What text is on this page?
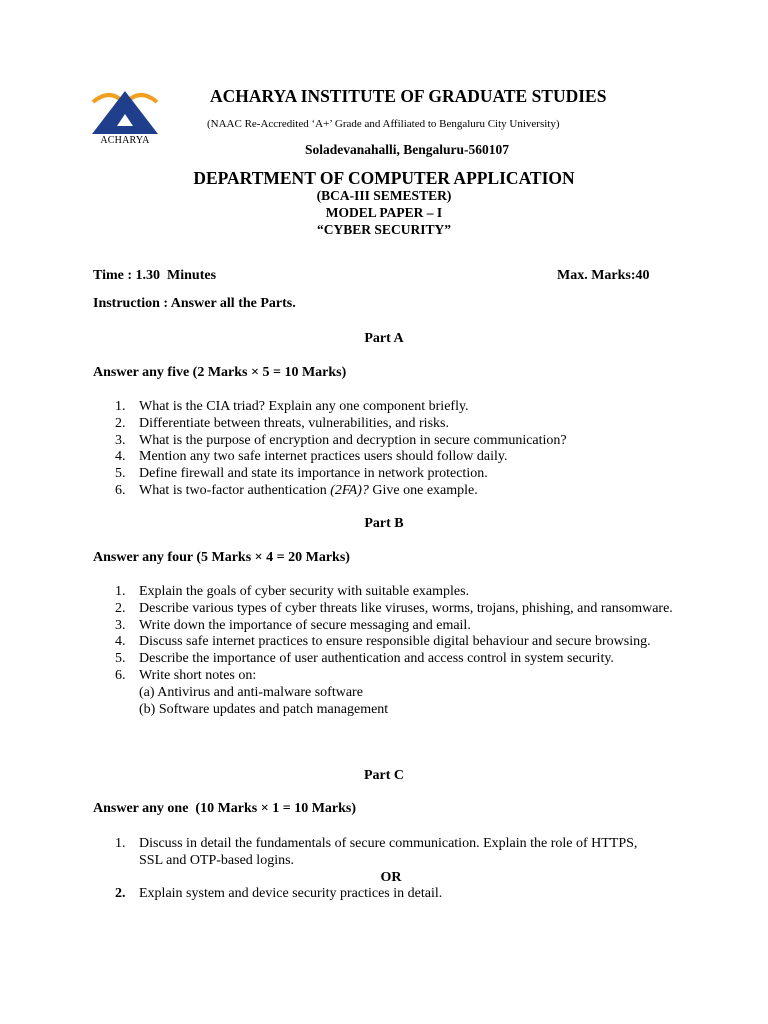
ACHARYA
ACHARYA INSTITUTE OF GRADUATE STUDIES
(NAAC Re-Accredited ‘A+’ Grade and Affiliated to Bengaluru City University)
Soladevanahalli, Bengaluru-560107
DEPARTMENT OF COMPUTER APPLICATION
(BCA-III SEMESTER)
MODEL PAPER – I
“CYBER SECURITY”
Time : 1.30  Minutes	Max. Marks:40
Instruction : Answer all the Parts.
Part A
Answer any five (2 Marks × 5 = 10 Marks)
1. What is the CIA triad? Explain any one component briefly.
2. Differentiate between threats, vulnerabilities, and risks.
3. What is the purpose of encryption and decryption in secure communication?
4. Mention any two safe internet practices users should follow daily.
5. Define firewall and state its importance in network protection.
6. What is two-factor authentication (2FA)? Give one example.
Part B
Answer any four (5 Marks × 4 = 20 Marks)
1. Explain the goals of cyber security with suitable examples.
2. Describe various types of cyber threats like viruses, worms, trojans, phishing, and ransomware.
3. Write down the importance of secure messaging and email.
4. Discuss safe internet practices to ensure responsible digital behaviour and secure browsing.
5. Describe the importance of user authentication and access control in system security.
6. Write short notes on:
(a) Antivirus and anti-malware software
(b) Software updates and patch management
Part C
Answer any one  (10 Marks × 1 = 10 Marks)
1. Discuss in detail the fundamentals of secure communication. Explain the role of HTTPS, SSL and OTP-based logins.
OR
2. Explain system and device security practices in detail.
